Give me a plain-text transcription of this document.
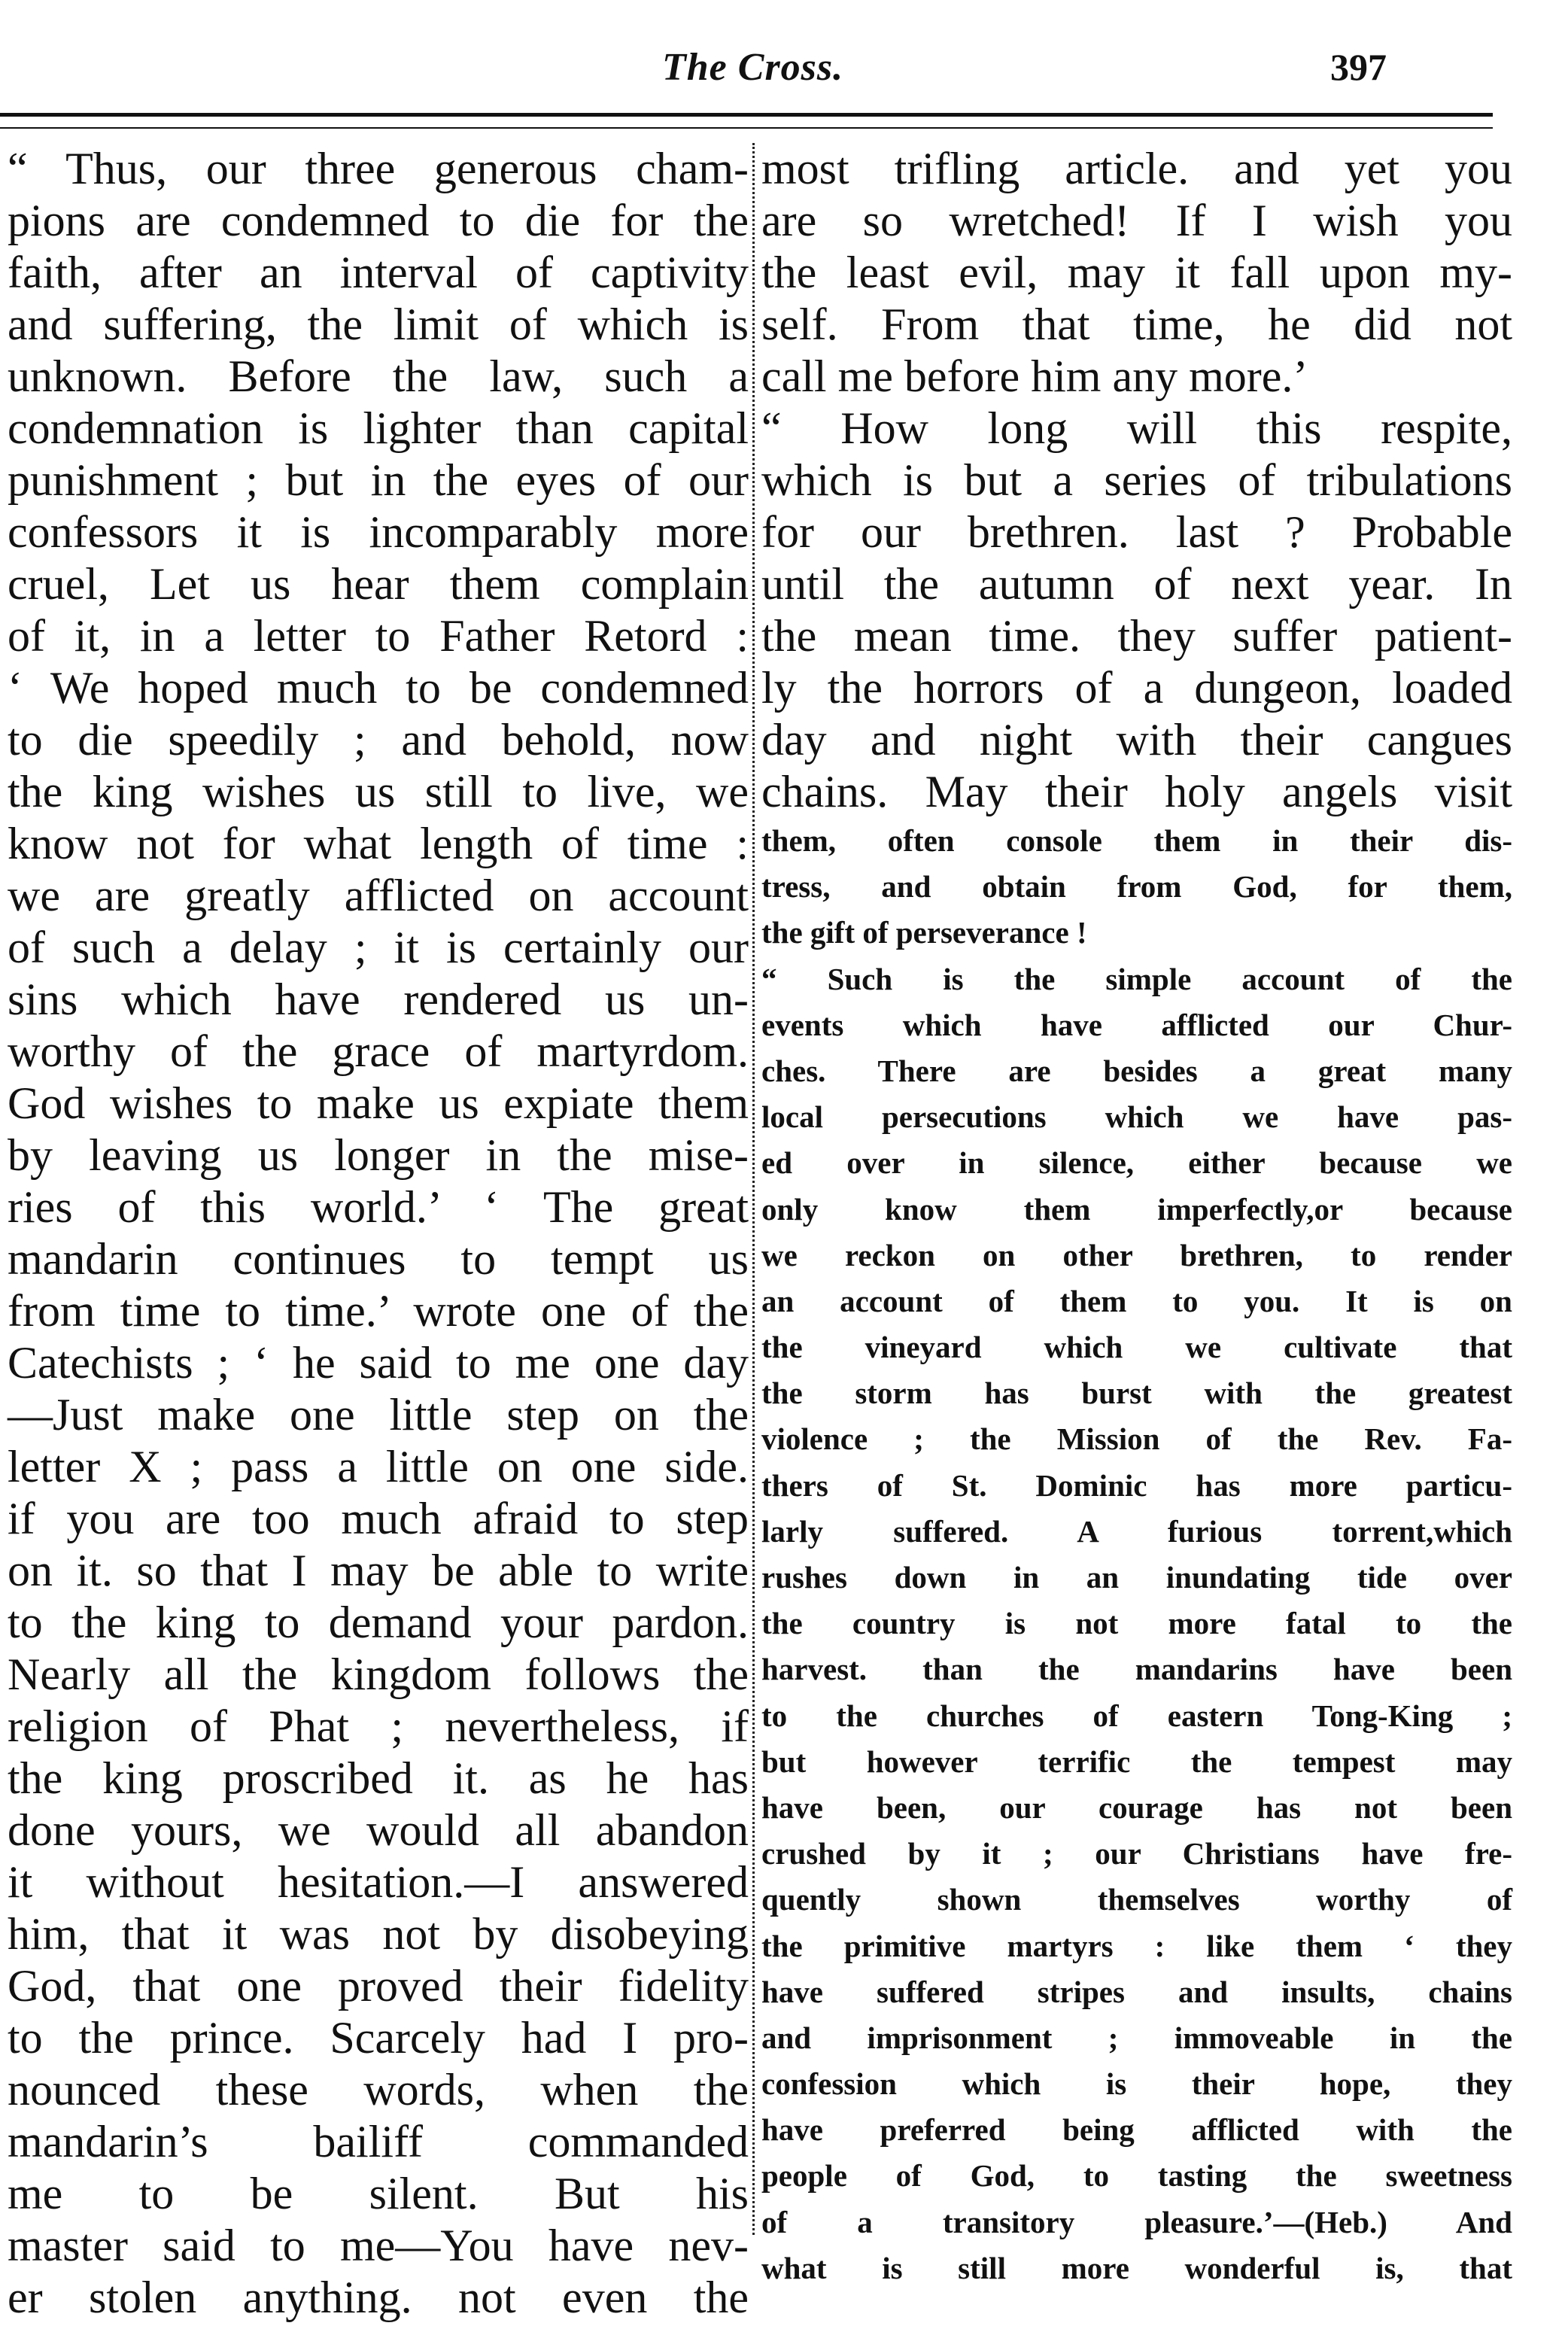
The Cross.	397
“ Thus, our three generous cham-
pions are condemned to die for the
faith, after an interval of captivity
and suffering, the limit of which is
unknown. Before the law, such a
condemnation is lighter than capital
punishment ; but in the eyes of our
confessors it is incomparably more
cruel, Let us hear them complain
of it, in a letter to Father Retord :
‘ We hoped much to be condemned
to die speedily ; and behold, now
the king wishes us still to live, we
know not for what length of time :
we are greatly afflicted on account
of such a delay ; it is certainly our
sins which have rendered us un-
worthy of the grace of martyrdom.
God wishes to make us expiate them
by leaving us longer in the mise-
ries of this world.’ ‘ The great
mandarin continues to tempt us
from time to time.’ wrote one of the
Catechists ; ‘ he said to me one day
—Just make one little step on the
letter X ; pass a little on one side.
if you are too much afraid to step
on it. so that I may be able to write
to the king to demand your pardon.
Nearly all the kingdom follows the
religion of Phat ; nevertheless, if
the king proscribed it. as he has
done yours, we would all abandon
it without hesitation.—I answered
him, that it was not by disobeying
God, that one proved their fidelity
to the prince. Scarcely had I pro-
nounced these words, when the
mandarin’s bailiff commanded
me to be silent. But his
master said to me—You have nev-
er stolen anything. not even the
most trifling article. and yet you
are so wretched! If I wish you
the least evil, may it fall upon my-
self. From that time, he did not
call me before him any more.’
“ How long will this respite,
which is but a series of tribulations
for our brethren. last ? Probable
until the autumn of next year. In
the mean time. they suffer patient-
ly the horrors of a dungeon, loaded
day and night with their cangues
chains. May their holy angels visit
them, often console them in their dis-
tress, and obtain from God, for them,
the gift of perseverance !
“ Such is the simple account of the
events which have afflicted our Chur-
ches. There are besides a great many
local persecutions which we have pas-
ed over in silence, either because we
only know them imperfectly,or because
we reckon on other brethren, to render
an account of them to you. It is on
the vineyard which we cultivate that
the storm has burst with the greatest
violence ; the Mission of the Rev. Fa-
thers of St. Dominic has more particu-
larly suffered. A furious torrent,which
rushes down in an inundating tide over
the country is not more fatal to the
harvest. than the mandarins have been
to the churches of eastern Tong-King ;
but however terrific the tempest may
have been, our courage has not been
crushed by it ; our Christians have fre-
quently shown themselves worthy of
the primitive martyrs : like them ‘ they
have suffered stripes and insults, chains
and imprisonment ; immoveable in the
confession which is their hope, they
have preferred being afflicted with the
people of God, to tasting the sweetness
of a transitory pleasure.’—(Heb.) And
what is still more wonderful is, that
